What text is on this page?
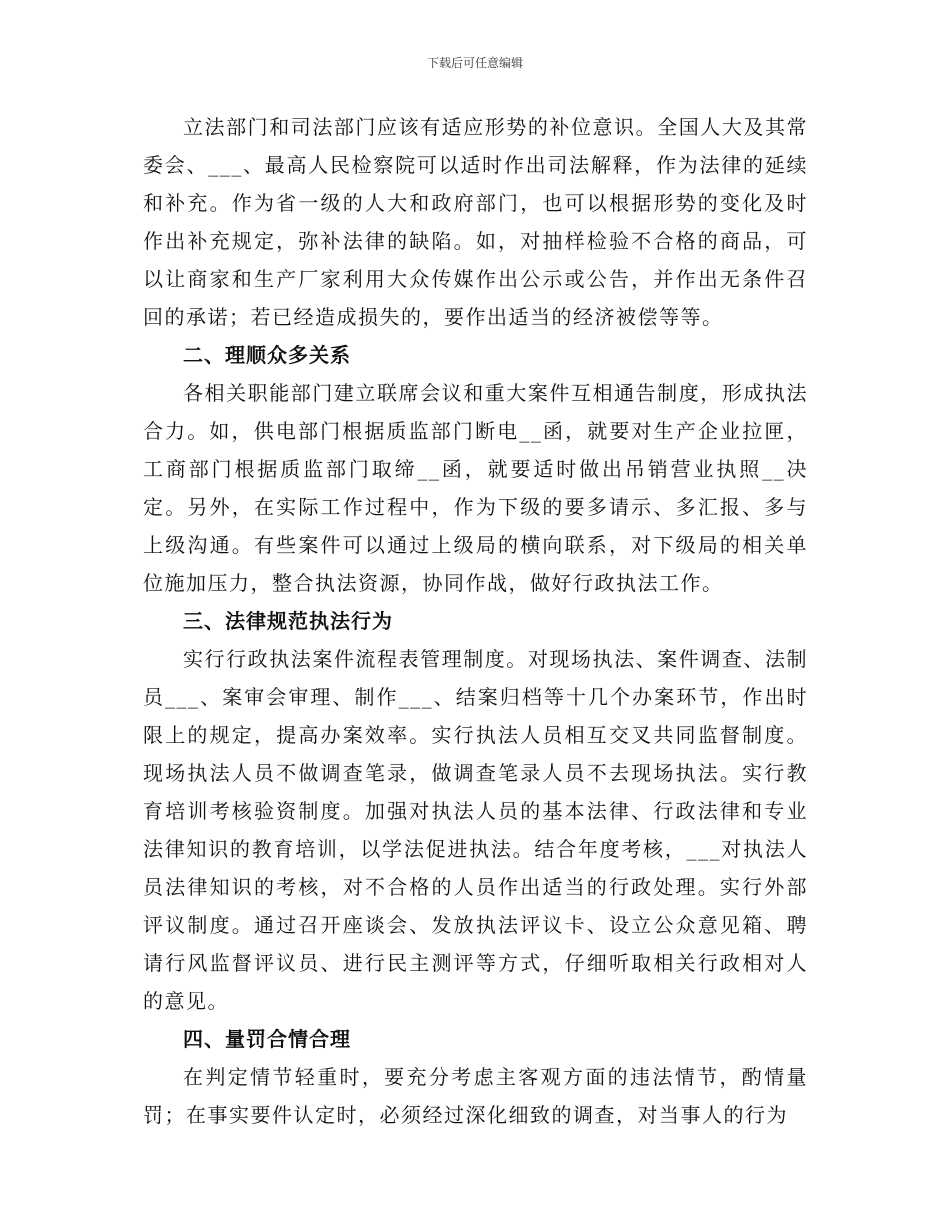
下载后可任意编辑

立法部门和司法部门应该有适应形势的补位意识。全国人大及其常委会、___、最高人民检察院可以适时作出司法解释，作为法律的延续和补充。作为省一级的人大和政府部门，也可以根据形势的变化及时作出补充规定，弥补法律的缺陷。如，对抽样检验不合格的商品，可以让商家和生产厂家利用大众传媒作出公示或公告，并作出无条件召回的承诺；若已经造成损失的，要作出适当的经济被偿等等。

二、理顺众多关系

各相关职能部门建立联席会议和重大案件互相通告制度，形成执法合力。如，供电部门根据质监部门断电__函，就要对生产企业拉匣，工商部门根据质监部门取缔__函，就要适时做出吊销营业执照__决定。另外，在实际工作过程中，作为下级的要多请示、多汇报、多与上级沟通。有些案件可以通过上级局的横向联系，对下级局的相关单位施加压力，整合执法资源，协同作战，做好行政执法工作。

三、法律规范执法行为

实行行政执法案件流程表管理制度。对现场执法、案件调查、法制员___、案审会审理、制作___、结案归档等十几个办案环节，作出时限上的规定，提高办案效率。实行执法人员相互交叉共同监督制度。现场执法人员不做调查笔录，做调查笔录人员不去现场执法。实行教育培训考核验资制度。加强对执法人员的基本法律、行政法律和专业法律知识的教育培训，以学法促进执法。结合年度考核，___对执法人员法律知识的考核，对不合格的人员作出适当的行政处理。实行外部评议制度。通过召开座谈会、发放执法评议卡、设立公众意见箱、聘请行风监督评议员、进行民主测评等方式，仔细听取相关行政相对人的意见。

四、量罚合情合理

在判定情节轻重时，要充分考虑主客观方面的违法情节，酌情量罚；在事实要件认定时，必须经过深化细致的调查，对当事人的行为
